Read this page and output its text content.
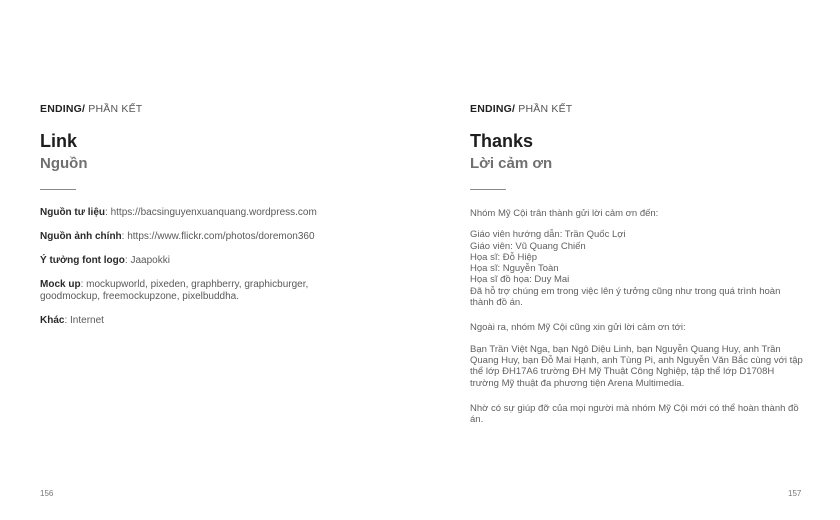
ENDING/ PHẦN KẾT
Link
Nguồn
Nguồn tư liệu: https://bacsinguyenxuanquang.wordpress.com
Nguồn ảnh chính: https://www.flickr.com/photos/doremon360
Ý tưởng font logo: Jaapokki
Mock up: mockupworld, pixeden, graphberry, graphicburger, goodmockup, freemockupzone, pixelbuddha.
Khác: Internet
156
ENDING/ PHẦN KẾT
Thanks
Lời cảm ơn
157

Nhóm Mỹ Cội trân thành gửi lời cảm ơn đến:

Giáo viên hướng dẫn: Trần Quốc Lợi
Giáo viên: Vũ Quang Chiến
Họa sĩ: Đỗ Hiệp
Họa sĩ: Nguyễn Toàn
Họa sĩ đồ họa: Duy Mai
Đã hỗ trợ chúng em trong việc lên ý tưởng cũng như trong quá trình hoàn thành đồ án.

Ngoài ra, nhóm Mỹ Cội cũng xin gửi lời cảm ơn tới:

Bạn Trần Việt Nga, bạn Ngô Diệu Linh, bạn Nguyễn Quang Huy, anh Trần Quang Huy, bạn Đỗ Mai Hạnh, anh Tùng Pi, anh Nguyễn Văn Bắc cùng với tập thể lớp ĐH17A6 trường ĐH Mỹ Thuật Công Nghiệp, tập thể lớp D1708H trường Mỹ thuật đa phương tiện Arena Multimedia.

Nhờ có sự giúp đỡ của mọi người mà nhóm Mỹ Cội mới có thể hoàn thành đồ án.
